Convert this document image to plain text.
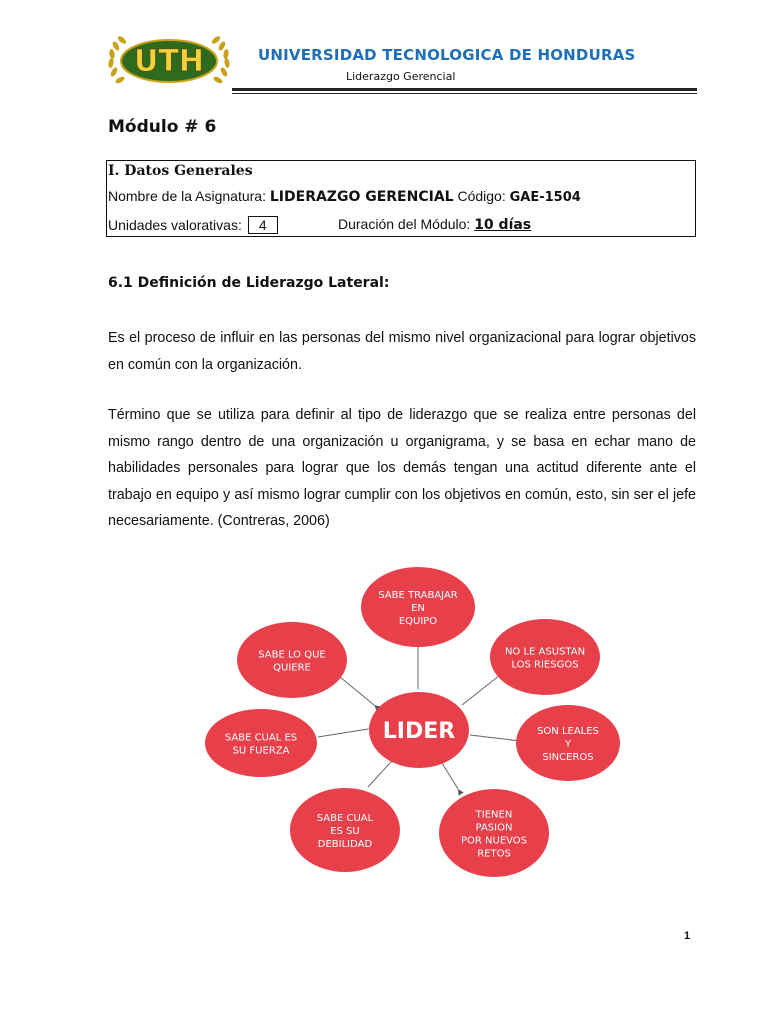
UTH	UNIVERSIDAD TECNOLOGICA DE HONDURAS
Liderazgo Gerencial
Módulo # 6
I. Datos Generales
Nombre de la Asignatura: LIDERAZGO GERENCIAL Código: GAE-1504
Unidades valorativas: 4	Duración del Módulo: 10 días
6.1 Definición de Liderazgo Lateral:
Es el proceso de influir en las personas del mismo nivel organizacional para lograr objetivos en común con la organización.
Término que se utiliza para definir al tipo de liderazgo que se realiza entre personas del mismo rango dentro de una organización u organigrama, y se basa en echar mano de habilidades personales para lograr que los demás tengan una actitud diferente ante el trabajo en equipo y así mismo lograr cumplir con los objetivos en común, esto, sin ser el jefe necesariamente. (Contreras, 2006)
SABE TRABAJAR
EN
EQUIPO
NO LE ASUSTAN
LOS RIESGOS
SON LEALES
Y
SINCEROS
TIENEN
PASION
POR NUEVOS
RETOS
SABE CUAL
ES SU
DEBILIDAD
SABE CUAL ES
SU FUERZA
SABE LO QUE
QUIERE
LIDER
1
